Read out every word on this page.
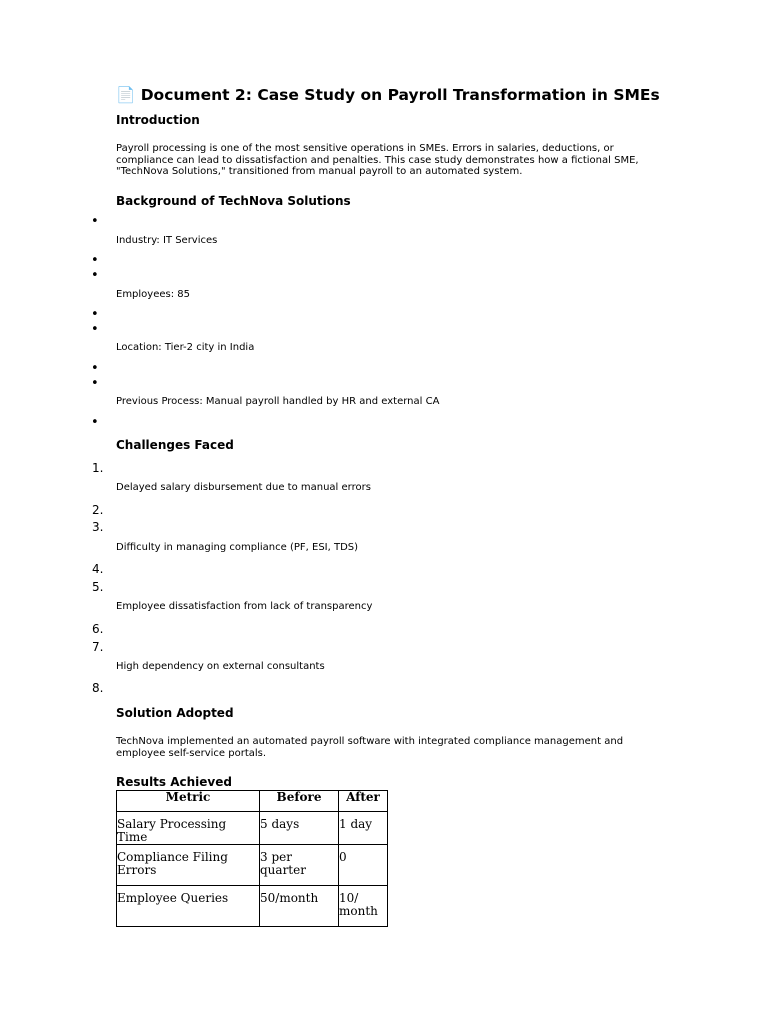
📄 Document 2: Case Study on Payroll Transformation in SMEs
Introduction

Payroll processing is one of the most sensitive operations in SMEs. Errors in salaries, deductions, or compliance can lead to dissatisfaction and penalties. This case study demonstrates how a fictional SME, "TechNova Solutions," transitioned from manual payroll to an automated system.

Background of TechNova Solutions
•

Industry: IT Services

•
•

Employees: 85

•
•

Location: Tier-2 city in India

•
•

Previous Process: Manual payroll handled by HR and external CA

•
Challenges Faced
1.

Delayed salary disbursement due to manual errors

2.
3.

Difficulty in managing compliance (PF, ESI, TDS)

4.
5.

Employee dissatisfaction from lack of transparency

6.
7.

High dependency on external consultants

8.
Solution Adopted

TechNova implemented an automated payroll software with integrated compliance management and employee self-service portals.

Results Achieved
Metric	Before	After
Salary Processing Time	5 days	1 day
Compliance Filing Errors	3 per quarter	0
Employee Queries	50/month	10/ month
